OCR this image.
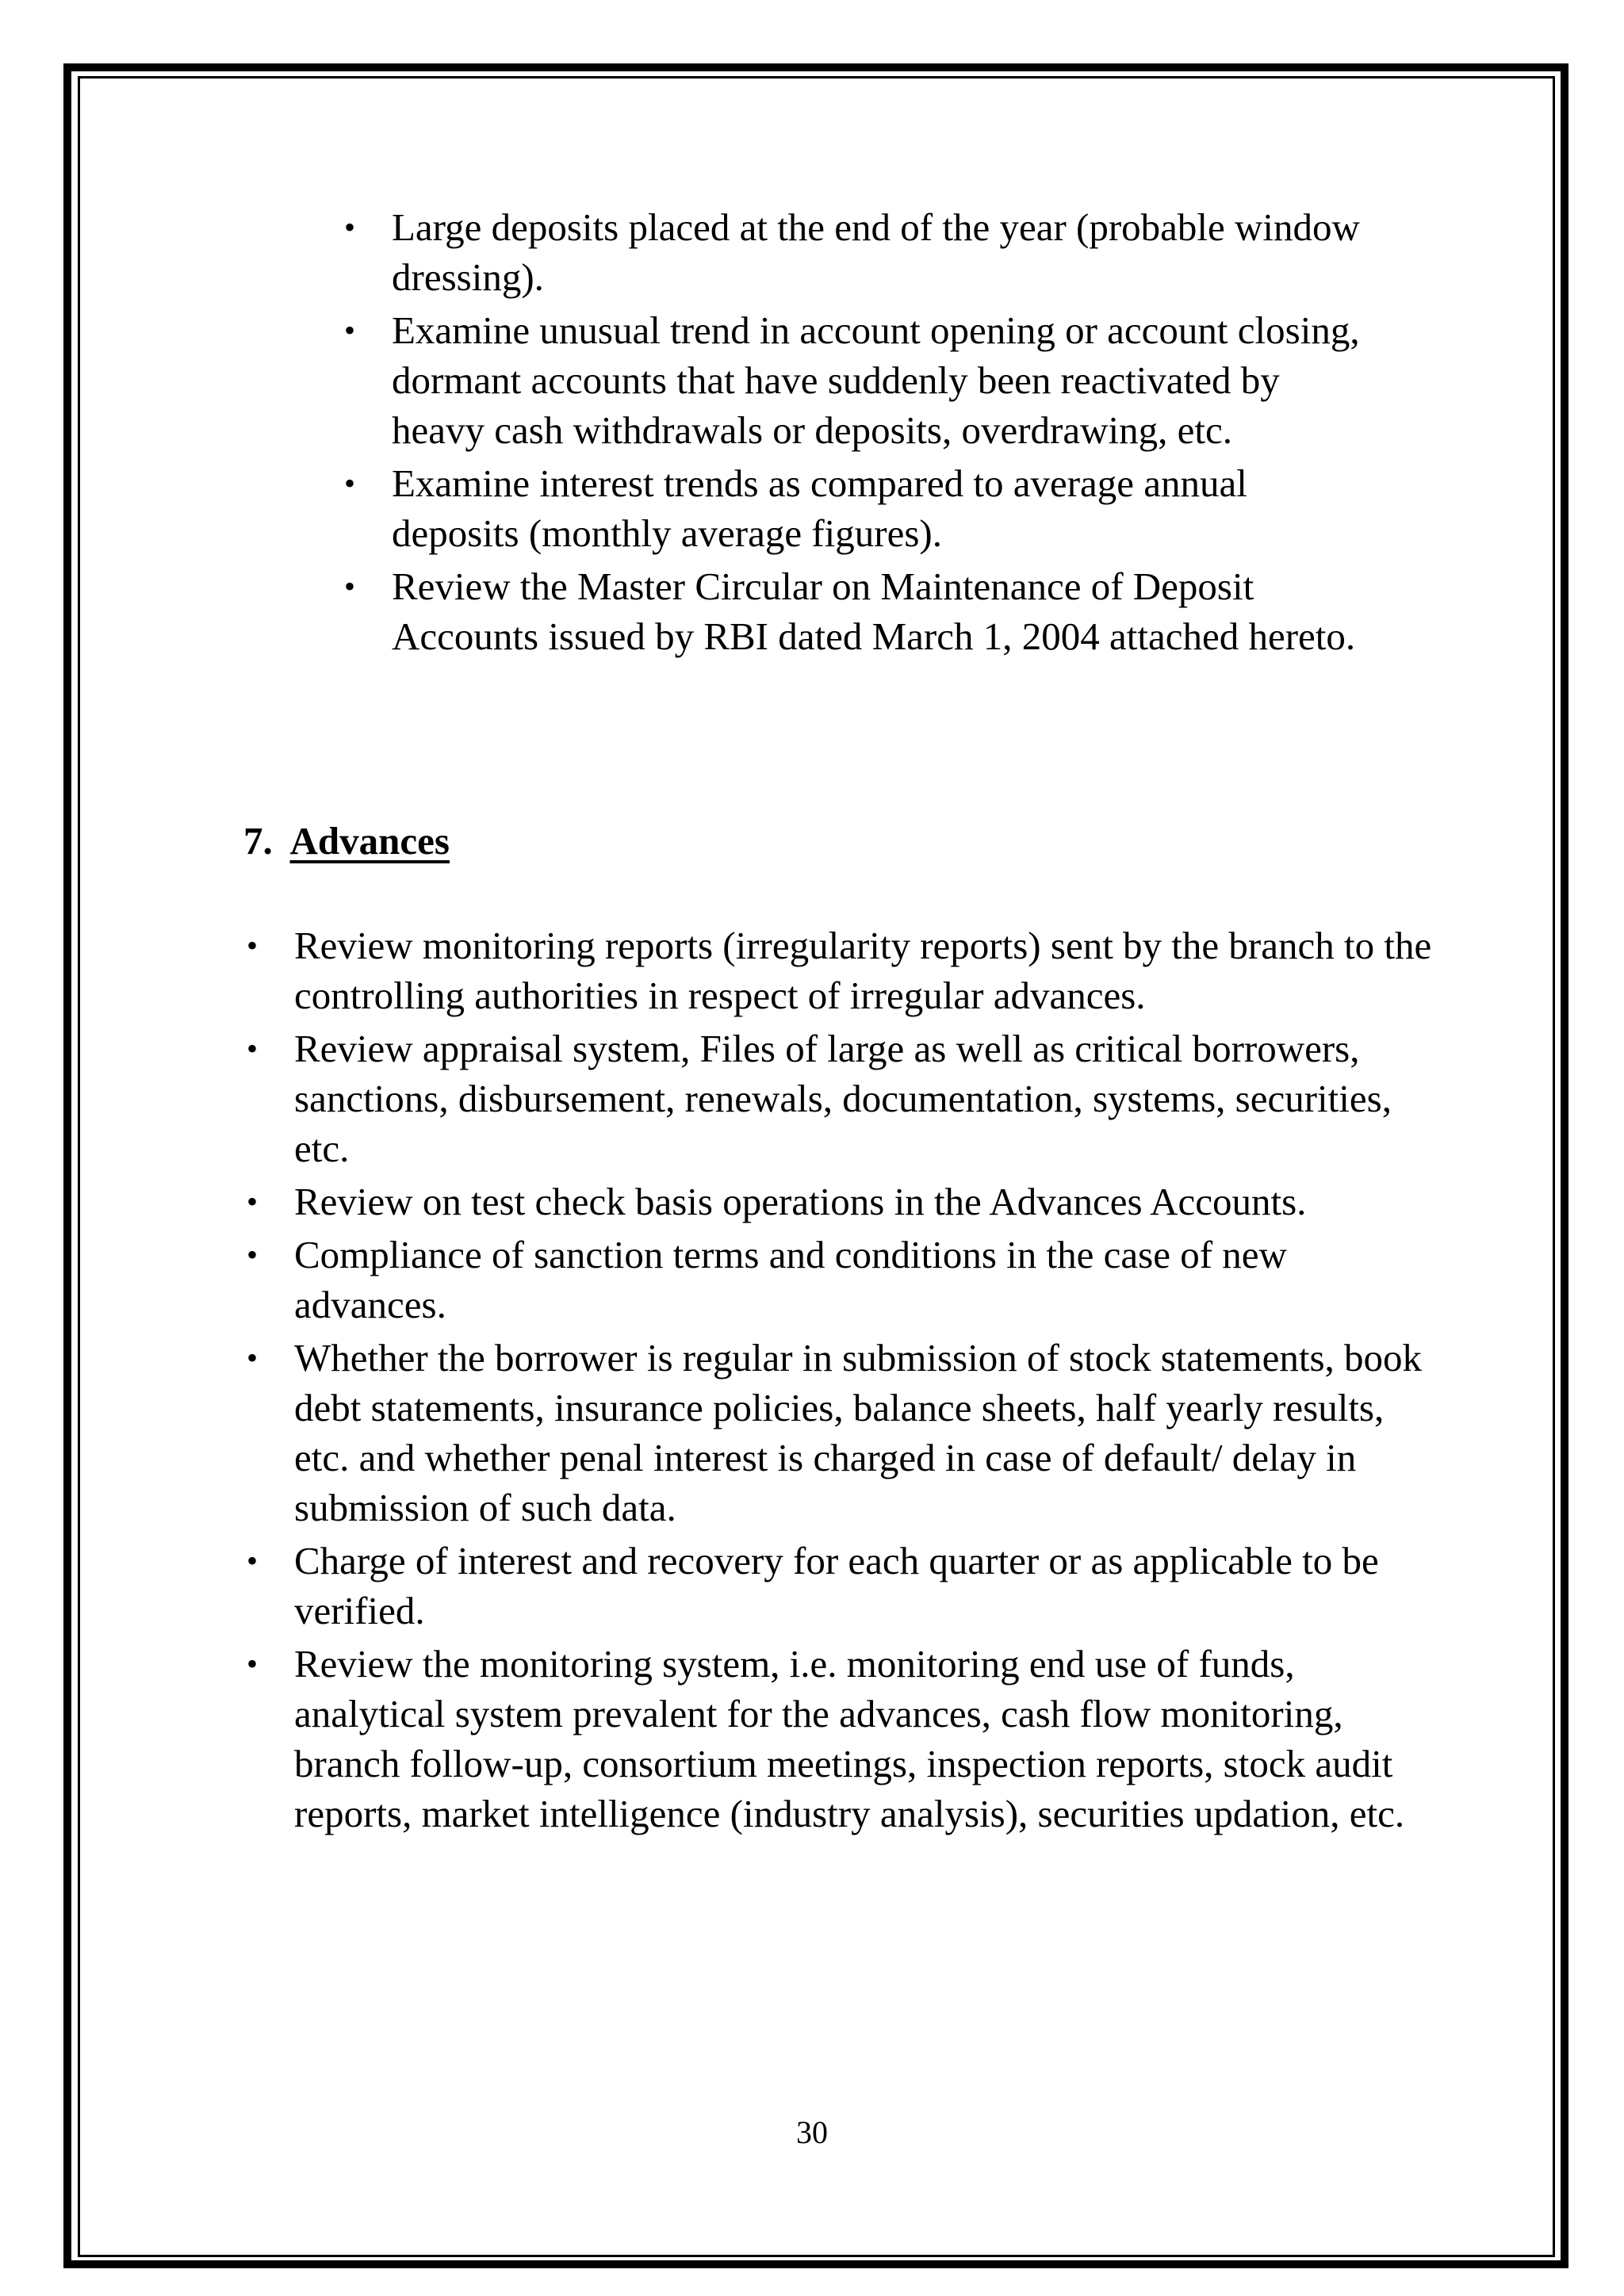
• Large deposits placed at the end of the year (probable window dressing).
• Examine unusual trend in account opening or account closing, dormant accounts that have suddenly been reactivated by heavy cash withdrawals or deposits, overdrawing, etc.
• Examine interest trends as compared to average annual deposits (monthly average figures).
• Review the Master Circular on Maintenance of Deposit Accounts issued by RBI dated March 1, 2004 attached hereto.
7. Advances
• Review monitoring reports (irregularity reports) sent by the branch to the controlling authorities in respect of irregular advances.
• Review appraisal system, Files of large as well as critical borrowers, sanctions, disbursement, renewals, documentation, systems, securities, etc.
• Review on test check basis operations in the Advances Accounts.
• Compliance of sanction terms and conditions in the case of new advances.
• Whether the borrower is regular in submission of stock statements, book debt statements, insurance policies, balance sheets, half yearly results, etc. and whether penal interest is charged in case of default/ delay in submission of such data.
• Charge of interest and recovery for each quarter or as applicable to be verified.
• Review the monitoring system, i.e. monitoring end use of funds, analytical system prevalent for the advances, cash flow monitoring, branch follow-up, consortium meetings, inspection reports, stock audit reports, market intelligence (industry analysis), securities updation, etc.
30
